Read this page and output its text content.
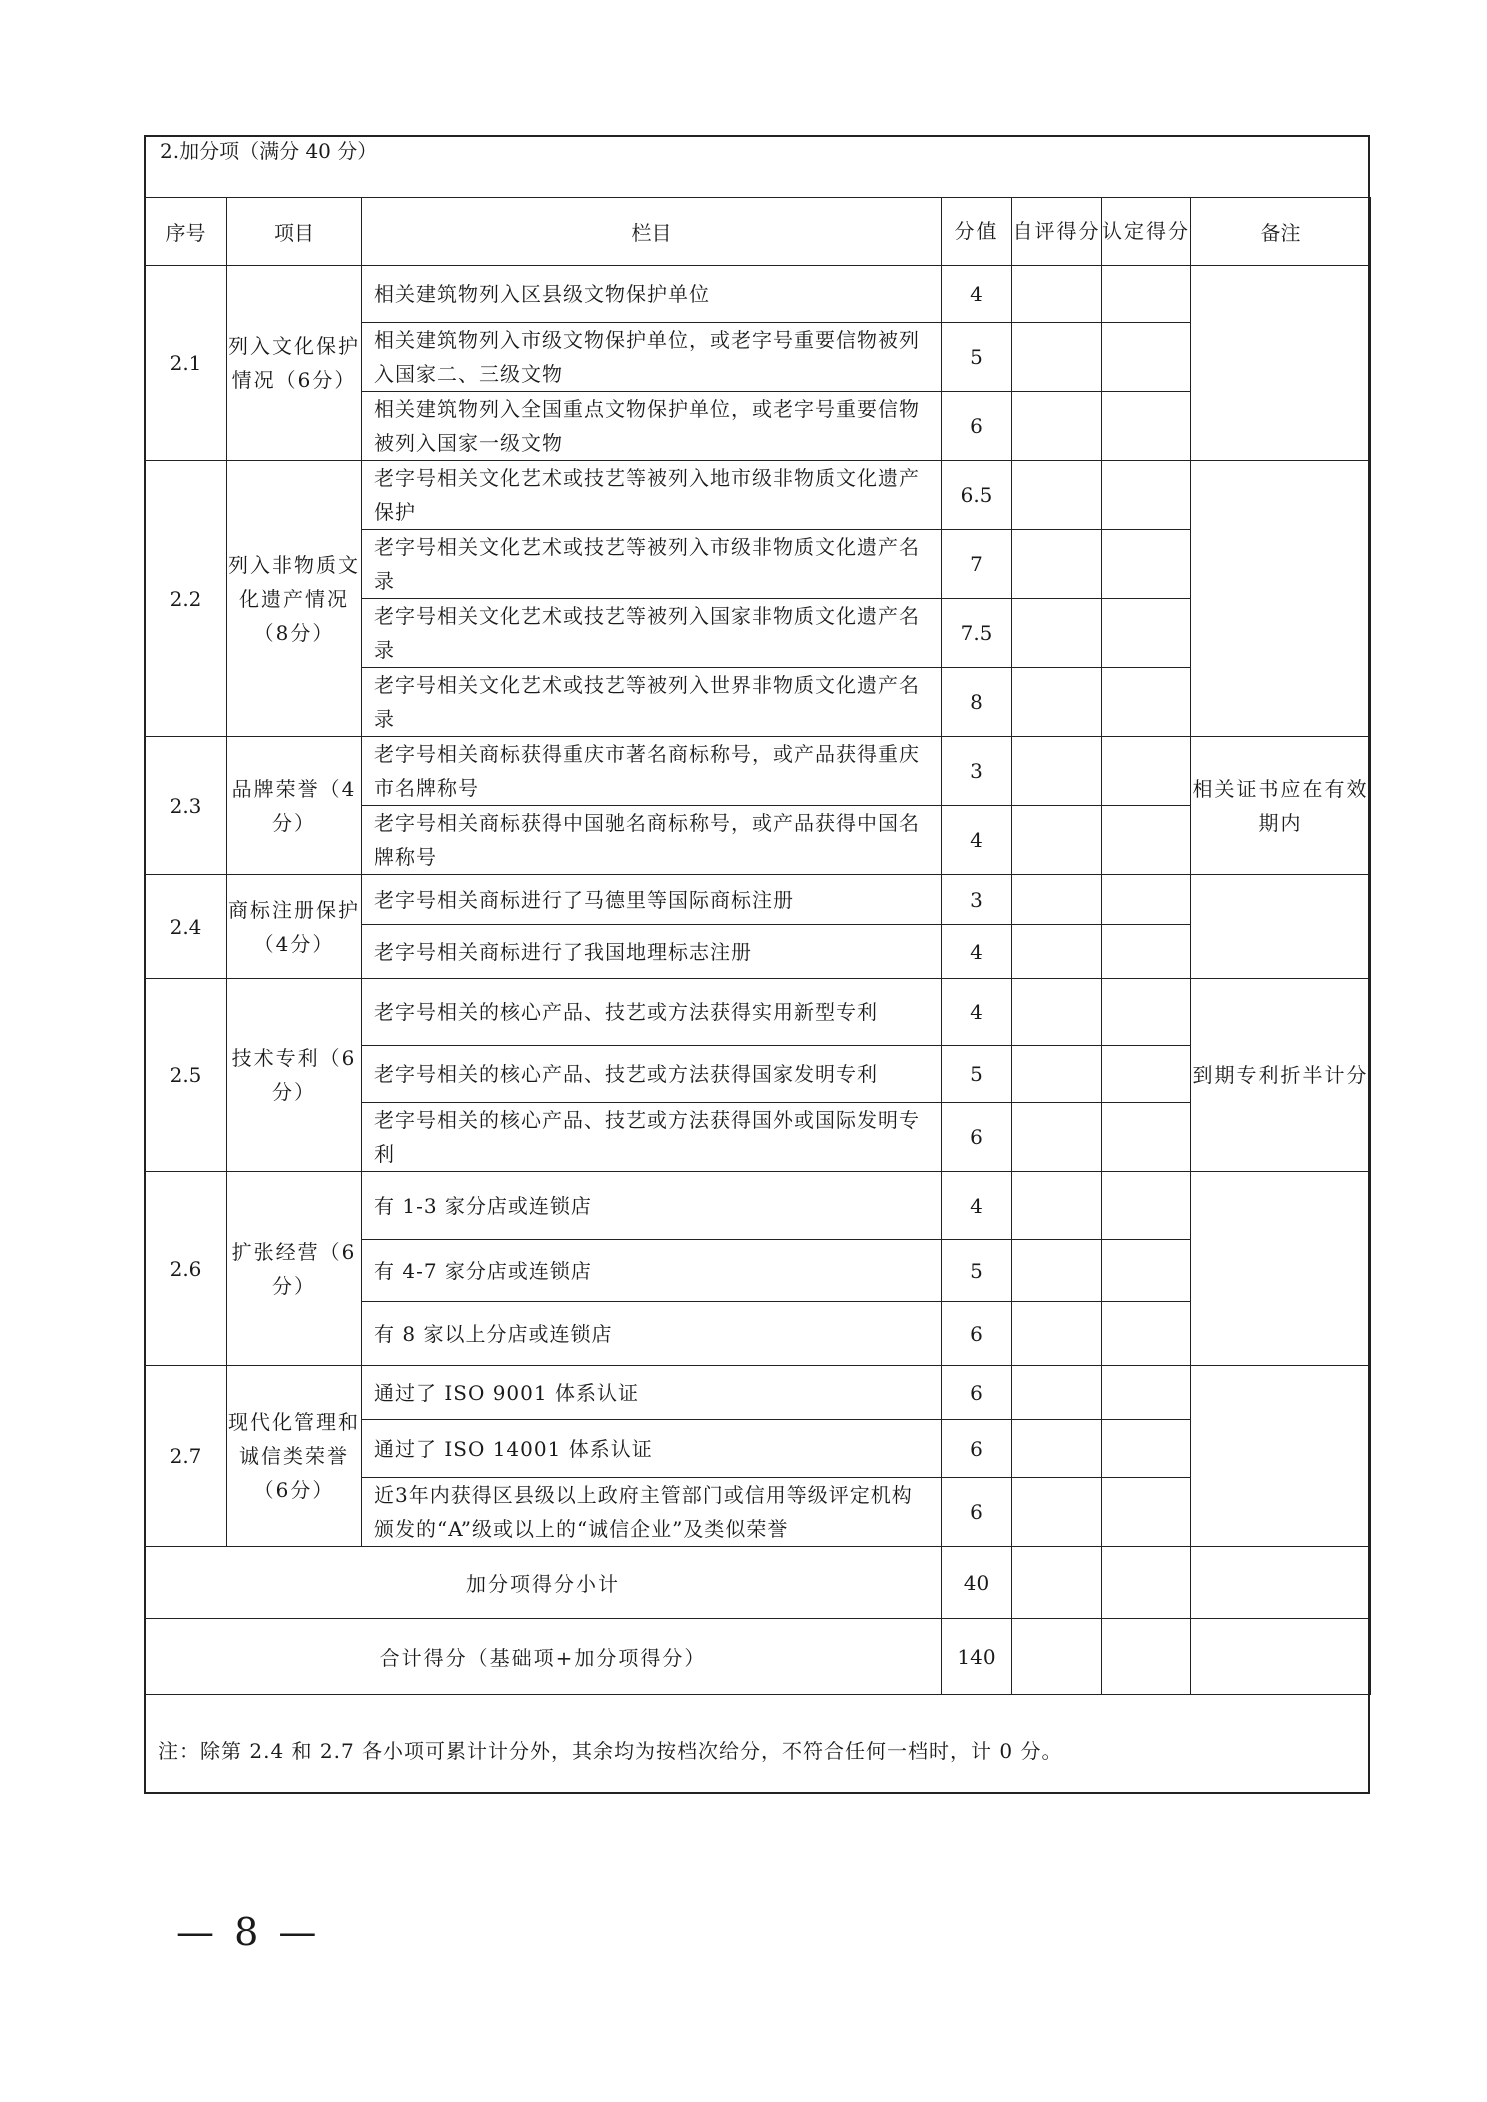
2.加分项（满分 40 分）
序号	项目	栏目	分值	自评得分	认定得分	备注
2.1	列入文化保护情况（6分）	相关建筑物列入区县级文物保护单位	4			
		相关建筑物列入市级文物保护单位，或老字号重要信物被列入国家二、三级文物	5			
		相关建筑物列入全国重点文物保护单位，或老字号重要信物被列入国家一级文物	6			
2.2	列入非物质文化遗产情况（8分）	老字号相关文化艺术或技艺等被列入地市级非物质文化遗产保护	6.5			
		老字号相关文化艺术或技艺等被列入市级非物质文化遗产名录	7			
		老字号相关文化艺术或技艺等被列入国家非物质文化遗产名录	7.5			
		老字号相关文化艺术或技艺等被列入世界非物质文化遗产名录	8			
2.3	品牌荣誉（4分）	老字号相关商标获得重庆市著名商标称号，或产品获得重庆市名牌称号	3			相关证书应在有效期内
		老字号相关商标获得中国驰名商标称号，或产品获得中国名牌称号	4			
2.4	商标注册保护（4分）	老字号相关商标进行了马德里等国际商标注册	3			
		老字号相关商标进行了我国地理标志注册	4			
2.5	技术专利（6分）	老字号相关的核心产品、技艺或方法获得实用新型专利	4			到期专利折半计分
		老字号相关的核心产品、技艺或方法获得国家发明专利	5			
		老字号相关的核心产品、技艺或方法获得国外或国际发明专利	6			
2.6	扩张经营（6分）	有 1-3 家分店或连锁店	4			
		有 4-7 家分店或连锁店	5			
		有 8 家以上分店或连锁店	6			
2.7	现代化管理和诚信类荣誉（6分）	通过了 ISO 9001 体系认证	6			
		通过了 ISO 14001 体系认证	6			
		近3年内获得区县级以上政府主管部门或信用等级评定机构颁发的“A”级或以上的“诚信企业”及类似荣誉	6			
加分项得分小计			40			
合计得分（基础项+加分项得分）			140			
注：除第 2.4 和 2.7 各小项可累计计分外，其余均为按档次给分，不符合任何一档时，计 0 分。
— 8 —
